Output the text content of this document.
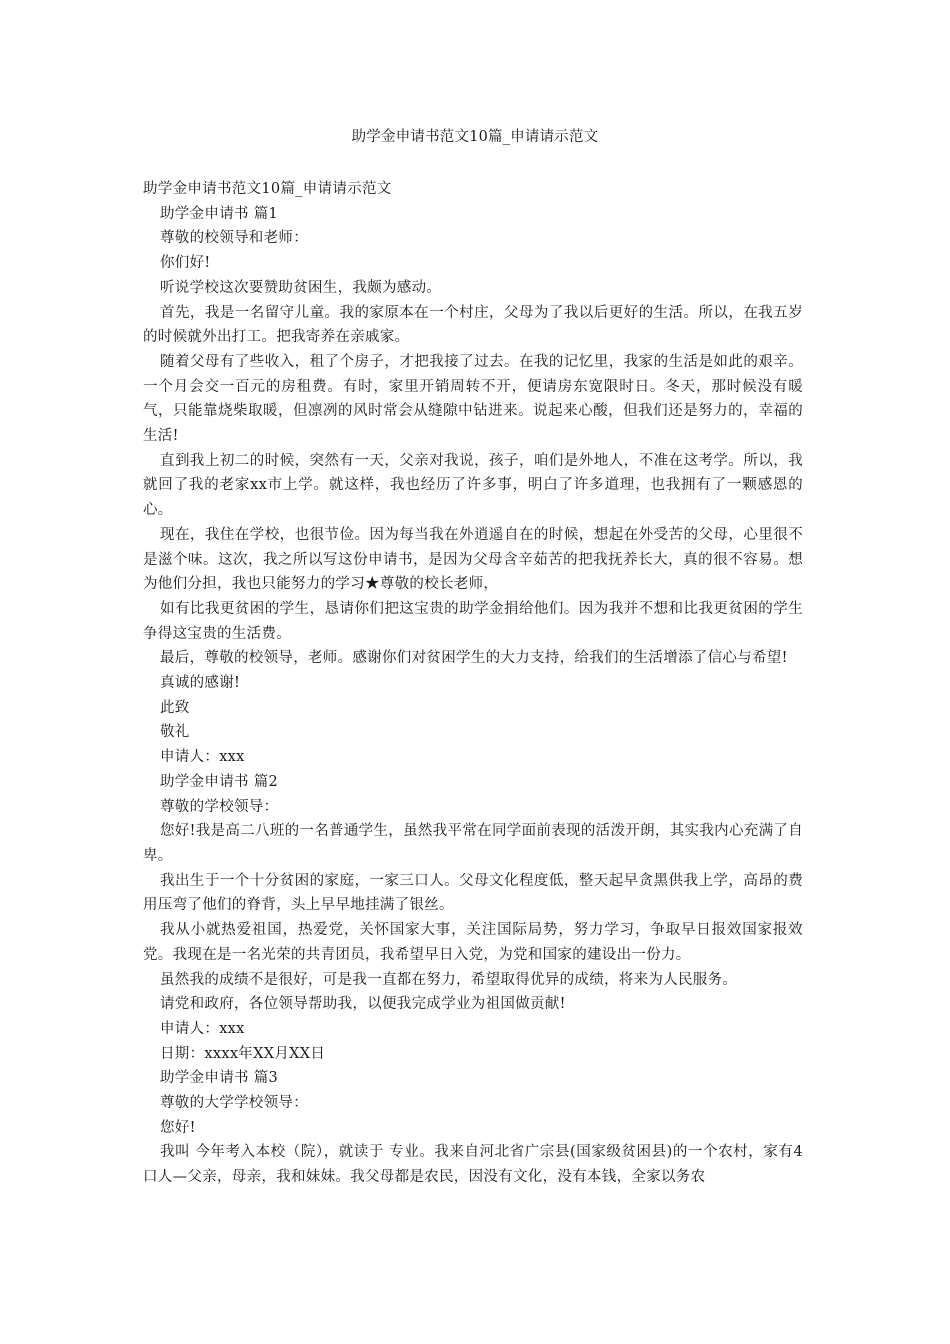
助学金申请书范文10篇_申请请示范文

助学金申请书范文10篇_申请请示范文

助学金申请书 篇1

尊敬的校领导和老师：

你们好!

听说学校这次要赞助贫困生，我颇为感动。

首先，我是一名留守儿童。我的家原本在一个村庄，父母为了我以后更好的生活。所以，在我五岁的时候就外出打工。把我寄养在亲戚家。

随着父母有了些收入，租了个房子，才把我接了过去。在我的记忆里，我家的生活是如此的艰辛。一个月会交一百元的房租费。有时，家里开销周转不开，便请房东宽限时日。冬天，那时候没有暖气，只能靠烧柴取暖，但凛冽的风时常会从缝隙中钻进来。说起来心酸，但我们还是努力的，幸福的生活!

直到我上初二的时候，突然有一天，父亲对我说，孩子，咱们是外地人，不准在这考学。所以，我就回了我的老家xx市上学。就这样，我也经历了许多事，明白了许多道理，也我拥有了一颗感恩的心。

现在，我住在学校，也很节俭。因为每当我在外逍遥自在的时候，想起在外受苦的父母，心里很不是滋个味。这次，我之所以写这份申请书，是因为父母含辛茹苦的把我抚养长大，真的很不容易。想为他们分担，我也只能努力的学习★尊敬的校长老师，

如有比我更贫困的学生，恳请你们把这宝贵的助学金捐给他们。因为我并不想和比我更贫困的学生争得这宝贵的生活费。

最后，尊敬的校领导，老师。感谢你们对贫困学生的大力支持，给我们的生活增添了信心与希望!

真诚的感谢!

此致

敬礼

申请人：xxx

助学金申请书 篇2

尊敬的学校领导：

您好!我是高二八班的一名普通学生，虽然我平常在同学面前表现的活泼开朗，其实我内心充满了自卑。

我出生于一个十分贫困的家庭，一家三口人。父母文化程度低，整天起早贪黑供我上学，高昂的费用压弯了他们的脊背，头上早早地挂满了银丝。

我从小就热爱祖国，热爱党，关怀国家大事，关注国际局势，努力学习，争取早日报效国家报效党。我现在是一名光荣的共青团员，我希望早日入党，为党和国家的建设出一份力。

虽然我的成绩不是很好，可是我一直都在努力，希望取得优异的成绩，将来为人民服务。

请党和政府，各位领导帮助我，以便我完成学业为祖国做贡献!

申请人：xxx

日期：xxxx年XX月XX日

助学金申请书 篇3

尊敬的大学学校领导：

您好!

我叫 今年考入本校（院），就读于 专业。我来自河北省广宗县(国家级贫困县)的一个农村，家有4口人—父亲，母亲，我和妹妹。我父母都是农民，因没有文化，没有本钱，全家以务农
